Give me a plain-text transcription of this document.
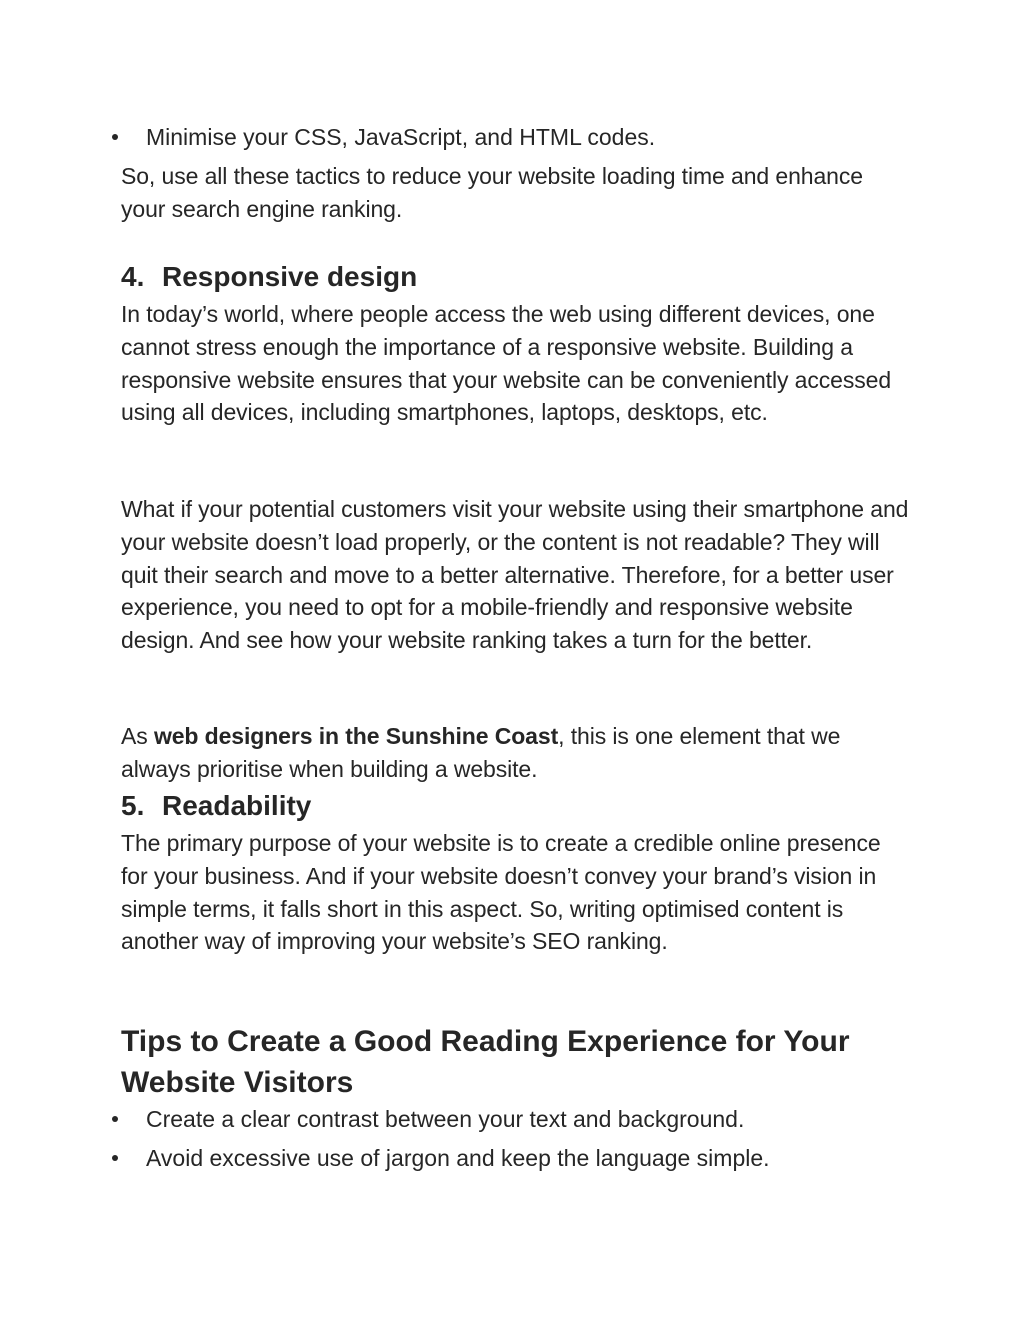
Minimise your CSS, JavaScript, and HTML codes.

So, use all these tactics to reduce your website loading time and enhance your search engine ranking.

4. Responsive design

In today’s world, where people access the web using different devices, one cannot stress enough the importance of a responsive website. Building a responsive website ensures that your website can be conveniently accessed using all devices, including smartphones, laptops, desktops, etc.

What if your potential customers visit your website using their smartphone and your website doesn’t load properly, or the content is not readable? They will quit their search and move to a better alternative. Therefore, for a better user experience, you need to opt for a mobile-friendly and responsive website design. And see how your website ranking takes a turn for the better.

As web designers in the Sunshine Coast, this is one element that we always prioritise when building a website.

5. Readability

The primary purpose of your website is to create a credible online presence for your business. And if your website doesn’t convey your brand’s vision in simple terms, it falls short in this aspect. So, writing optimised content is another way of improving your website’s SEO ranking.

Tips to Create a Good Reading Experience for Your Website Visitors
Create a clear contrast between your text and background.
Avoid excessive use of jargon and keep the language simple.
